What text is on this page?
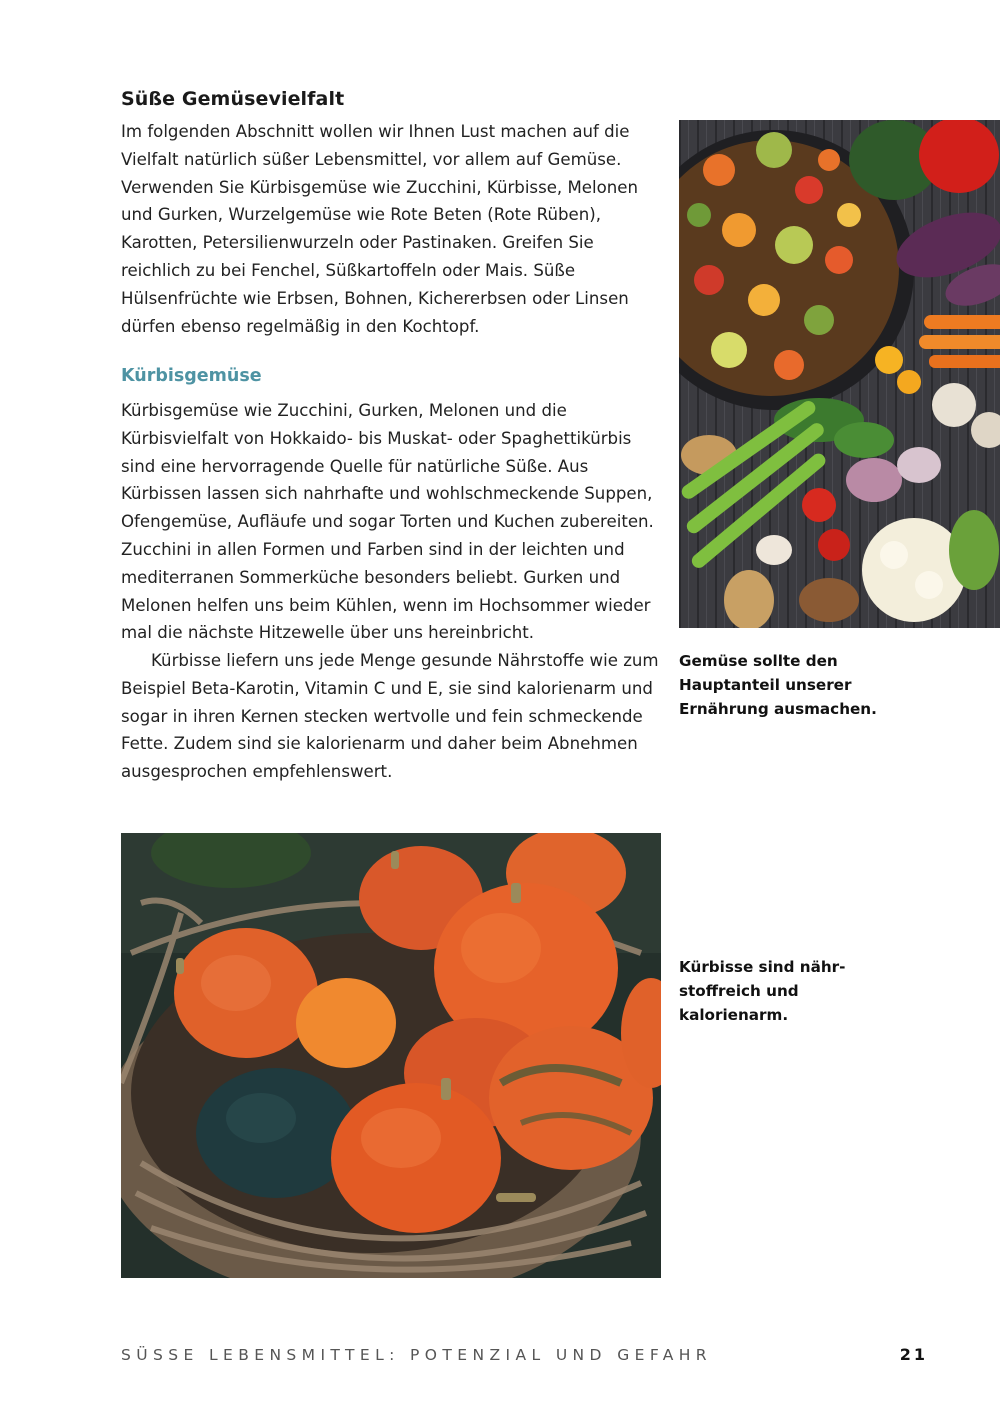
Süße Gemüsevielfalt
Im folgenden Abschnitt wollen wir Ihnen Lust machen auf die Vielfalt natürlich süßer Lebensmittel, vor allem auf Gemüse. Verwenden Sie Kürbisgemüse wie Zucchini, Kürbisse, Melonen und Gurken, Wurzelgemüse wie Rote Beten (Rote Rüben), Karotten, Petersilienwurzeln oder Pastinaken. Greifen Sie reichlich zu bei Fenchel, Süßkartoffeln oder Mais. Süße Hülsenfrüchte wie Erbsen, Bohnen, Kichererbsen oder Linsen dürfen ebenso regelmäßig in den Kochtopf.
Kürbisgemüse
Kürbisgemüse wie Zucchini, Gurken, Melonen und die Kürbisvielfalt von Hokkaido- bis Muskat- oder Spaghettikürbis sind eine hervorragende Quelle für natürliche Süße. Aus Kürbissen lassen sich nahrhafte und wohlschmeckende Suppen, Ofengemüse, Aufläufe und sogar Torten und Kuchen zubereiten. Zucchini in allen Formen und Farben sind in der leichten und mediterranen Sommerküche besonders beliebt. Gurken und Melonen helfen uns beim Kühlen, wenn im Hochsommer wieder mal die nächste Hitzewelle über uns hereinbricht.
Kürbisse liefern uns jede Menge gesunde Nährstoffe wie zum Beispiel Beta-Karotin, Vitamin C und E, sie sind kalorienarm und sogar in ihren Kernen stecken wertvolle und fein schmeckende Fette. Zudem sind sie kalorienarm und daher beim Abnehmen ausgesprochen empfehlenswert.
Gemüse sollte den Hauptanteil unserer Ernährung ausmachen.
Kürbisse sind nährstoffreich und kalorienarm.
SÜSSE LEBENSMITTEL: POTENZIAL UND GEFAHR	21
